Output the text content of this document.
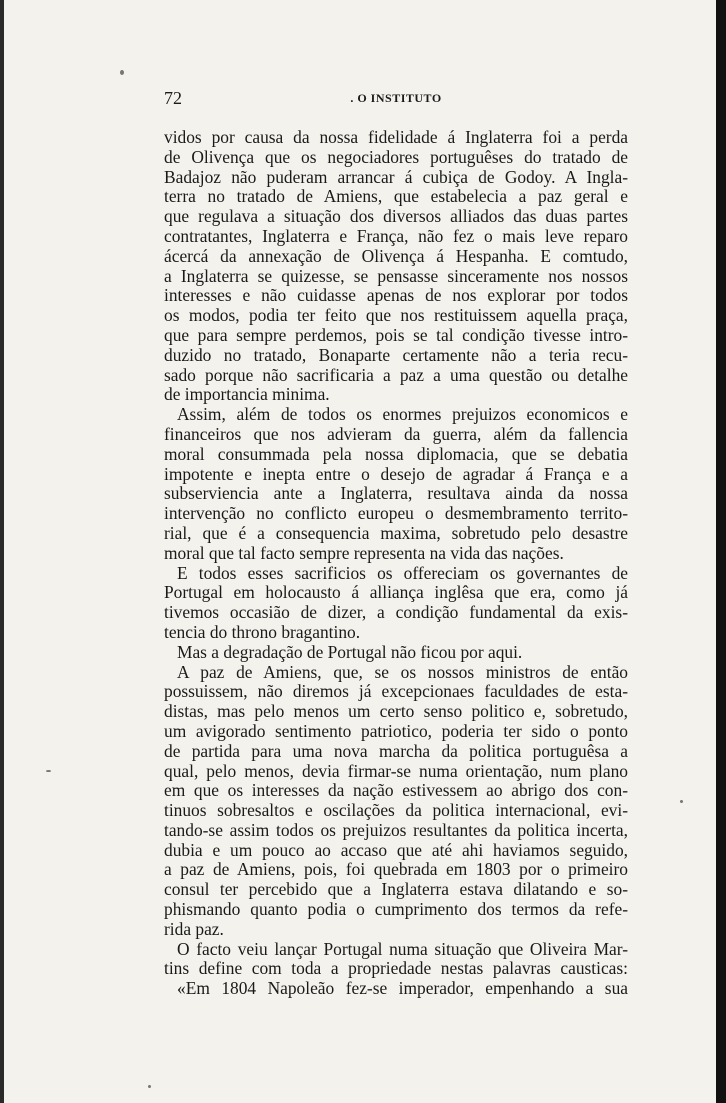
72	. O INSTITUTO
vidos por causa da nossa fidelidade á Inglaterra foi a perda
de Olivença que os negociadores portuguêses do tratado de
Badajoz não puderam arrancar á cubiça de Godoy. A Ingla-
terra no tratado de Amiens, que estabelecia a paz geral e
que regulava a situação dos diversos alliados das duas partes
contratantes, Inglaterra e França, não fez o mais leve reparo
ácercá da annexação de Olivença á Hespanha. E comtudo,
a Inglaterra se quizesse, se pensasse sinceramente nos nossos
interesses e não cuidasse apenas de nos explorar por todos
os modos, podia ter feito que nos restituissem aquella praça,
que para sempre perdemos, pois se tal condição tivesse intro-
duzido no tratado, Bonaparte certamente não a teria recu-
sado porque não sacrificaria a paz a uma questão ou detalhe
de importancia minima.
Assim, além de todos os enormes prejuizos economicos e
financeiros que nos advieram da guerra, além da fallencia
moral consummada pela nossa diplomacia, que se debatia
impotente e inepta entre o desejo de agradar á França e a
subserviencia ante a Inglaterra, resultava ainda da nossa
intervenção no conflicto europeu o desmembramento territo-
rial, que é a consequencia maxima, sobretudo pelo desastre
moral que tal facto sempre representa na vida das nações.
E todos esses sacrificios os offereciam os governantes de
Portugal em holocausto á alliança inglêsa que era, como já
tivemos occasião de dizer, a condição fundamental da exis-
tencia do throno bragantino.
Mas a degradação de Portugal não ficou por aqui.
A paz de Amiens, que, se os nossos ministros de então
possuissem, não diremos já excepcionaes faculdades de esta-
distas, mas pelo menos um certo senso politico e, sobretudo,
um avigorado sentimento patriotico, poderia ter sido o ponto
de partida para uma nova marcha da politica portuguêsa a
qual, pelo menos, devia firmar-se numa orientação, num plano
em que os interesses da nação estivessem ao abrigo dos con-
tinuos sobresaltos e oscilações da politica internacional, evi-
tando-se assim todos os prejuizos resultantes da politica incerta,
dubia e um pouco ao accaso que até ahi haviamos seguido,
a paz de Amiens, pois, foi quebrada em 1803 por o primeiro
consul ter percebido que a Inglaterra estava dilatando e so-
phismando quanto podia o cumprimento dos termos da refe-
rida paz.
O facto veiu lançar Portugal numa situação que Oliveira Mar-
tins define com toda a propriedade nestas palavras causticas:
«Em 1804 Napoleão fez-se imperador, empenhando a sua
